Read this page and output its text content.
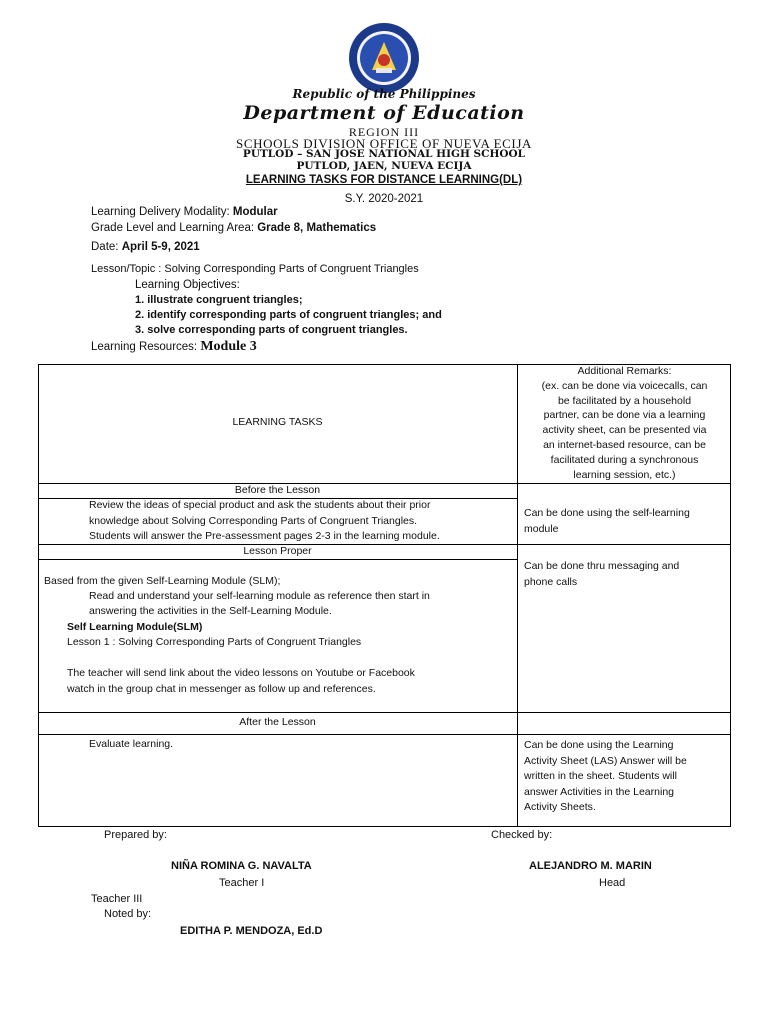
Republic of the Philippines
Department of Education
REGION III
SCHOOLS DIVISION OFFICE OF NUEVA ECIJA
PUTLOD – SAN JOSE NATIONAL HIGH SCHOOL
PUTLOD, JAEN, NUEVA ECIJA
LEARNING TASKS FOR DISTANCE LEARNING(DL)
S.Y. 2020-2021
Learning Delivery Modality: Modular
Grade Level and Learning Area: Grade 8, Mathematics
Date: April 5-9, 2021
Lesson/Topic : Solving Corresponding Parts of Congruent Triangles
Learning Objectives:
1. illustrate congruent triangles;
2. identify corresponding parts of congruent triangles; and
3. solve corresponding parts of congruent triangles.
Learning Resources: Module 3
LEARNING TASKS
Additional Remarks:
(ex. can be done via voicecalls, can
be facilitated by a household
partner, can be done via a learning
activity sheet, can be presented via
an internet-based resource, can be
facilitated during a synchronous
learning session, etc.)
Before the Lesson
Review the ideas of special product and ask the students about their prior
knowledge about Solving Corresponding Parts of Congruent Triangles.
Students will answer the Pre-assessment pages 2-3 in the learning module.
Can be done using the self-learning
module
Lesson Proper
Based from the given Self-Learning Module (SLM);
Read and understand your self-learning module as reference then start in
answering the activities in the Self-Learning Module.
Self Learning Module(SLM)
Lesson 1 : Solving Corresponding Parts of Congruent Triangles
The teacher will send link about the video lessons on Youtube or Facebook
watch in the group chat in messenger as follow up and references.
Can be done thru messaging and
phone calls
After the Lesson
Evaluate learning.	Can be done using the Learning
Activity Sheet (LAS) Answer will be
written in the sheet. Students will
answer Activities in the Learning
Activity Sheets.
Prepared by:	Checked by:
NIÑA ROMINA G. NAVALTA
Teacher I
ALEJANDRO M. MARIN
Head
Teacher III
Noted by:
EDITHA P. MENDOZA, Ed.D
